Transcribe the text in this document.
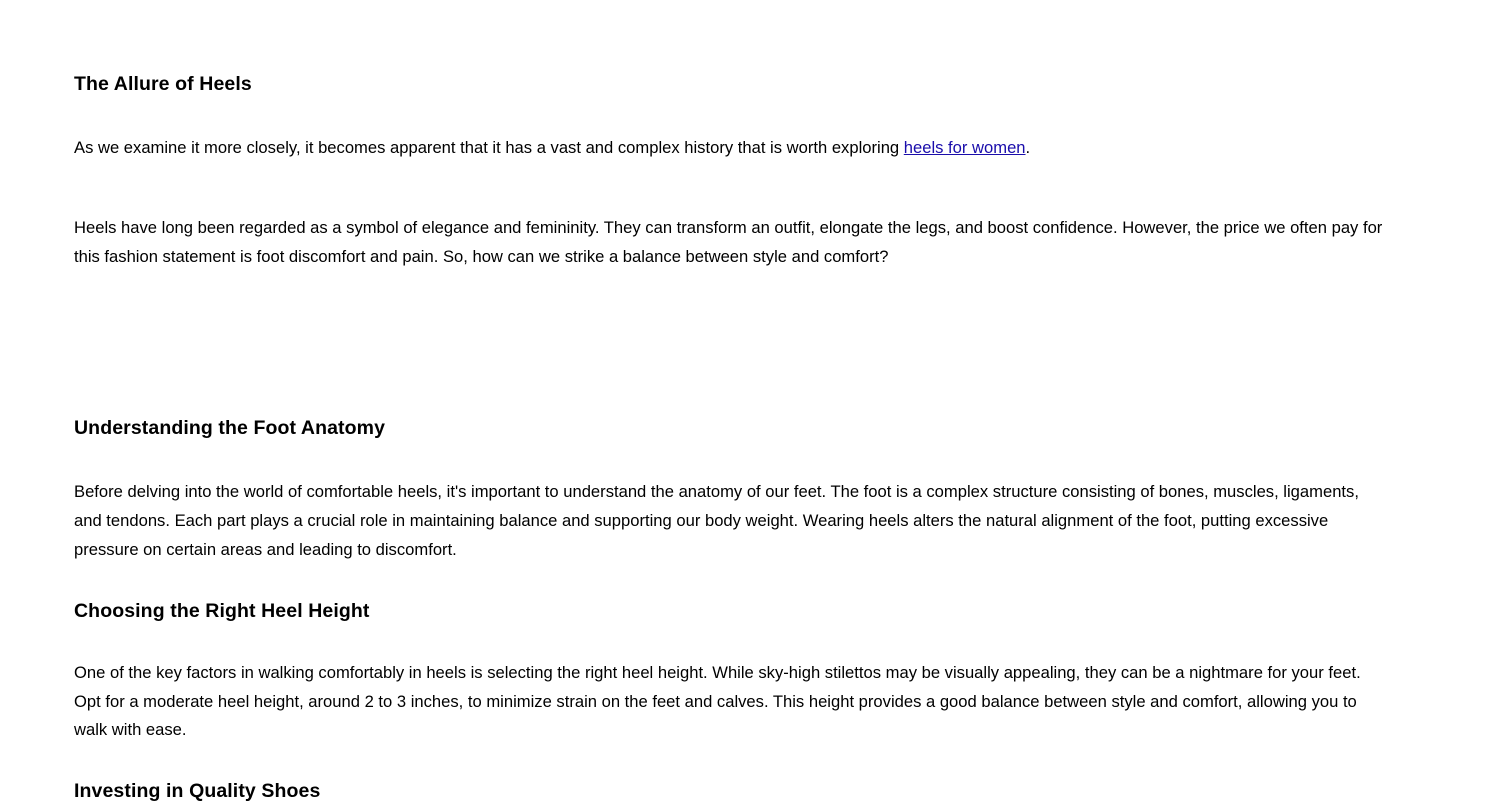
The Allure of Heels

As we examine it more closely, it becomes apparent that it has a vast and complex history that is worth exploring heels for women.

Heels have long been regarded as a symbol of elegance and femininity. They can transform an outfit, elongate the legs, and boost confidence. However, the price we often pay for this fashion statement is foot discomfort and pain. So, how can we strike a balance between style and comfort?

Understanding the Foot Anatomy

Before delving into the world of comfortable heels, it's important to understand the anatomy of our feet. The foot is a complex structure consisting of bones, muscles, ligaments, and tendons. Each part plays a crucial role in maintaining balance and supporting our body weight. Wearing heels alters the natural alignment of the foot, putting excessive pressure on certain areas and leading to discomfort.

Choosing the Right Heel Height

One of the key factors in walking comfortably in heels is selecting the right heel height. While sky-high stilettos may be visually appealing, they can be a nightmare for your feet. Opt for a moderate heel height, around 2 to 3 inches, to minimize strain on the feet and calves. This height provides a good balance between style and comfort, allowing you to walk with ease.

Investing in Quality Shoes
